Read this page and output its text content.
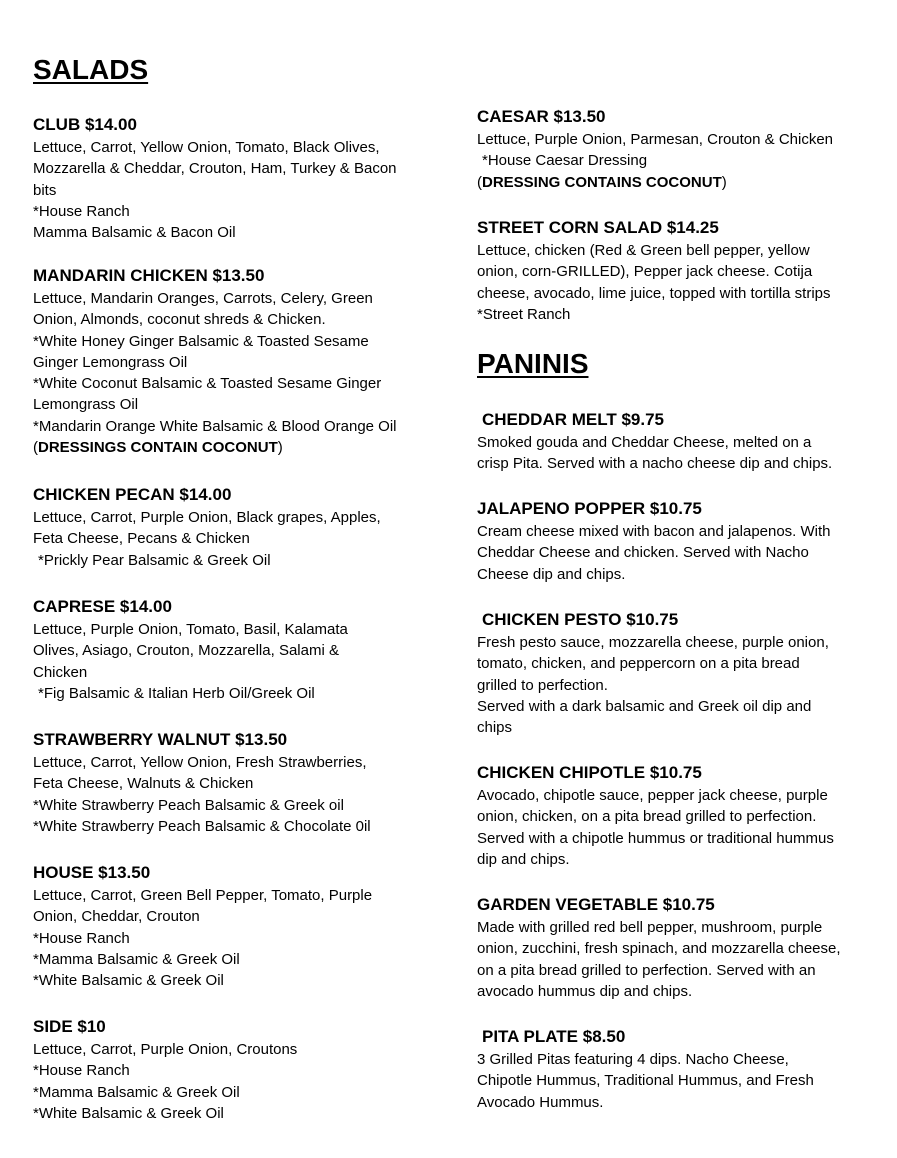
SALADS
CLUB $14.00
Lettuce, Carrot, Yellow Onion, Tomato, Black Olives,
Mozzarella & Cheddar, Crouton, Ham, Turkey & Bacon
bits
*House Ranch
Mamma Balsamic & Bacon Oil
MANDARIN CHICKEN $13.50
Lettuce, Mandarin Oranges, Carrots, Celery, Green
Onion, Almonds, coconut shreds & Chicken.
*White Honey Ginger Balsamic & Toasted Sesame
Ginger Lemongrass Oil
*White Coconut Balsamic & Toasted Sesame Ginger
Lemongrass Oil
*Mandarin Orange White Balsamic & Blood Orange Oil
(DRESSINGS CONTAIN COCONUT)
CHICKEN PECAN $14.00
Lettuce, Carrot, Purple Onion, Black grapes, Apples,
Feta Cheese, Pecans & Chicken
*Prickly Pear Balsamic & Greek Oil
CAPRESE $14.00
Lettuce, Purple Onion, Tomato, Basil, Kalamata
Olives, Asiago, Crouton, Mozzarella, Salami &
Chicken
*Fig Balsamic & Italian Herb Oil/Greek Oil
STRAWBERRY WALNUT $13.50
Lettuce, Carrot, Yellow Onion, Fresh Strawberries,
Feta Cheese, Walnuts & Chicken
*White Strawberry Peach Balsamic & Greek oil
*White Strawberry Peach Balsamic & Chocolate 0il
HOUSE $13.50
Lettuce, Carrot, Green Bell Pepper, Tomato, Purple
Onion, Cheddar, Crouton
*House Ranch
*Mamma Balsamic & Greek Oil
*White Balsamic & Greek Oil
SIDE $10
Lettuce, Carrot, Purple Onion, Croutons
*House Ranch
*Mamma Balsamic & Greek Oil
*White Balsamic & Greek Oil
CAESAR $13.50
Lettuce, Purple Onion, Parmesan, Crouton & Chicken
*House Caesar Dressing
(DRESSING CONTAINS COCONUT)
STREET CORN SALAD $14.25
Lettuce, chicken (Red & Green bell pepper, yellow
onion, corn-GRILLED), Pepper jack cheese. Cotija
cheese, avocado, lime juice, topped with tortilla strips
*Street Ranch
PANINIS
CHEDDAR MELT $9.75
Smoked gouda and Cheddar Cheese, melted on a
crisp Pita. Served with a nacho cheese dip and chips.
JALAPENO POPPER $10.75
Cream cheese mixed with bacon and jalapenos. With
Cheddar Cheese and chicken. Served with Nacho
Cheese dip and chips.
CHICKEN PESTO $10.75
Fresh pesto sauce, mozzarella cheese, purple onion,
tomato, chicken, and peppercorn on a pita bread
grilled to perfection.
Served with a dark balsamic and Greek oil dip and
chips
CHICKEN CHIPOTLE $10.75
Avocado, chipotle sauce, pepper jack cheese, purple
onion, chicken, on a pita bread grilled to perfection.
Served with a chipotle hummus or traditional hummus
dip and chips.
GARDEN VEGETABLE $10.75
Made with grilled red bell pepper, mushroom, purple
onion, zucchini, fresh spinach, and mozzarella cheese,
on a pita bread grilled to perfection. Served with an
avocado hummus dip and chips.
PITA PLATE $8.50
3 Grilled Pitas featuring 4 dips. Nacho Cheese,
Chipotle Hummus, Traditional Hummus, and Fresh
Avocado Hummus.
